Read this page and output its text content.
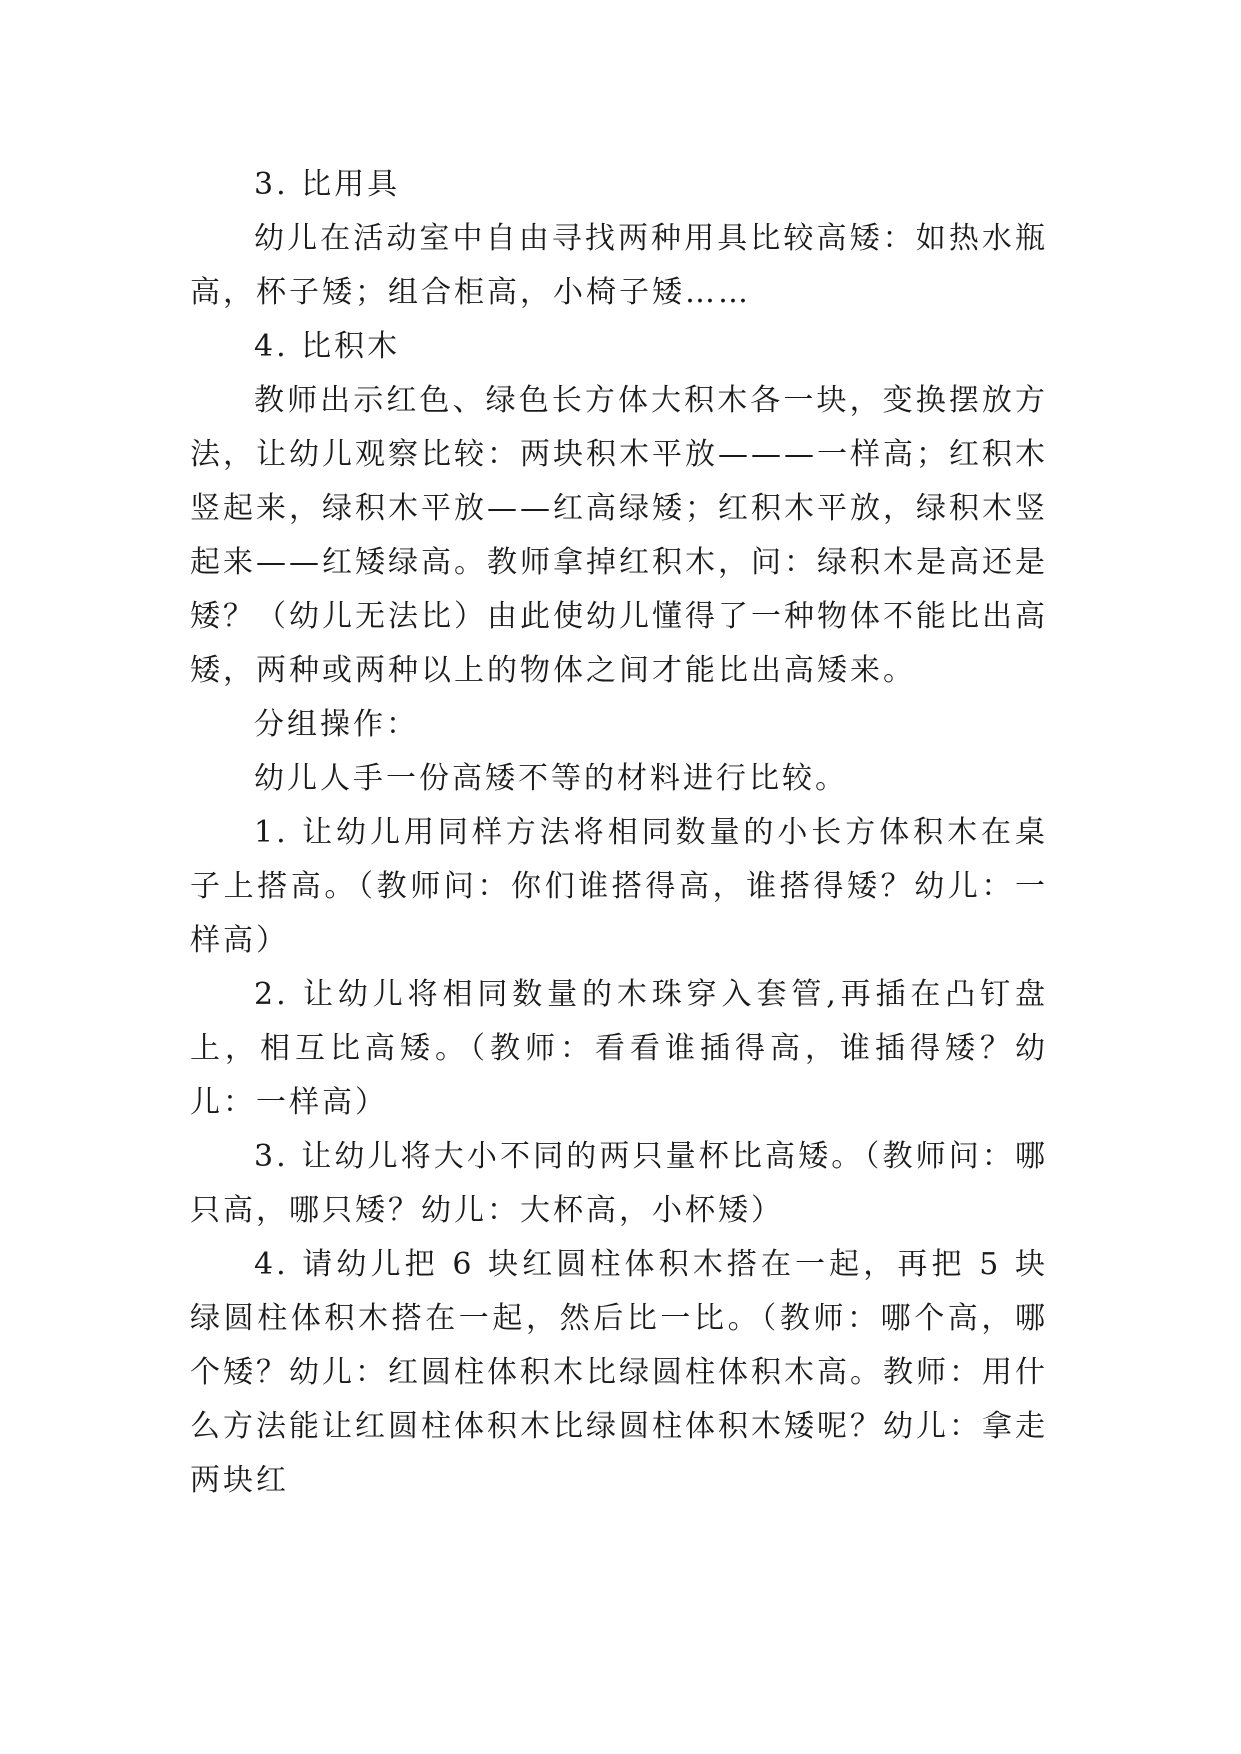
3. 比用具

幼儿在活动室中自由寻找两种用具比较高矮：如热水瓶高，杯子矮；组合柜高，小椅子矮……

4. 比积木

教师出示红色、绿色长方体大积木各一块，变换摆放方法，让幼儿观察比较：两块积木平放———一样高；红积木竖起来，绿积木平放——红高绿矮；红积木平放，绿积木竖起来——红矮绿高。教师拿掉红积木，问：绿积木是高还是矮？（幼儿无法比）由此使幼儿懂得了一种物体不能比出高矮，两种或两种以上的物体之间才能比出高矮来。

分组操作：

幼儿人手一份高矮不等的材料进行比较。

1. 让幼儿用同样方法将相同数量的小长方体积木在桌子上搭高。（教师问：你们谁搭得高，谁搭得矮？幼儿：一样高）

2. 让幼儿将相同数量的木珠穿入套管,再插在凸钉盘上，相互比高矮。（教师：看看谁插得高，谁插得矮？幼儿：一样高）

3. 让幼儿将大小不同的两只量杯比高矮。（教师问：哪只高，哪只矮？幼儿：大杯高，小杯矮）

4. 请幼儿把 6 块红圆柱体积木搭在一起，再把 5 块绿圆柱体积木搭在一起，然后比一比。（教师：哪个高，哪个矮？幼儿：红圆柱体积木比绿圆柱体积木高。教师：用什么方法能让红圆柱体积木比绿圆柱体积木矮呢？幼儿：拿走两块红
